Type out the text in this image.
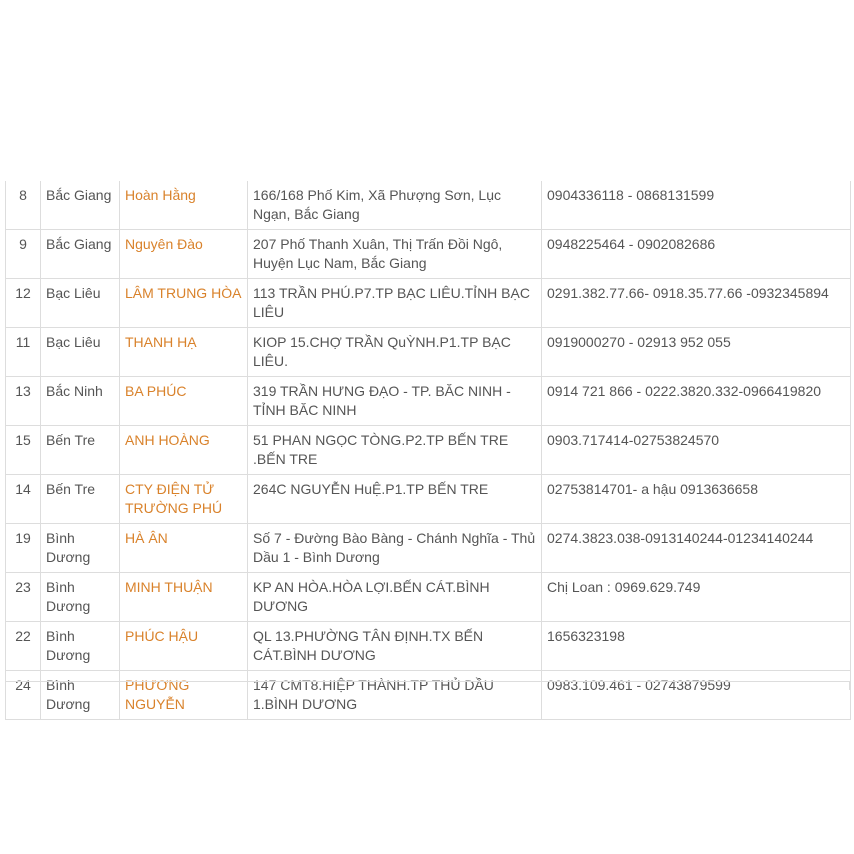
8	Bắc Giang	Hoàn Hằng	166/168 Phố Kim, Xã Phượng Sơn, Lục Ngạn, Bắc Giang	0904336118 - 0868131599
9	Bắc Giang	Nguyên Đào	207 Phố Thanh Xuân, Thị Trấn Đồi Ngô, Huyện Lục Nam, Bắc Giang	0948225464 - 0902082686
12	Bạc Liêu	LÂM TRUNG HÒA	113 TRẦN PHÚ.P7.TP BẠC LIÊU.TỈNH BẠC LIÊU	0291.382.77.66- 0918.35.77.66 -0932345894
11	Bạc Liêu	THANH HẠ	KIOP 15.CHỢ TRẦN QuỲNH.P1.TP BẠC LIÊU.	0919000270 - 02913 952 055
13	Bắc Ninh	BA PHÚC	319 TRẦN HƯNG ĐẠO - TP. BĂC NINH -TỈNH BĂC NINH	0914 721 866 - 0222.3820.332-0966419820
15	Bến Tre	ANH HOÀNG	51 PHAN NGỌC TÒNG.P2.TP BẾN TRE .BẾN TRE	0903.717414-02753824570
14	Bến Tre	CTY ĐIỆN TỬ TRƯỜNG PHÚ	264C NGUYỄN HuỆ.P1.TP BẾN TRE	02753814701- a hậu 0913636658
19	Bình Dương	HÀ ÂN	Số 7 - Đường Bào Bàng - Chánh Nghĩa - Thủ Dầu 1 - Bình Dương	0274.3823.038-0913140244-01234140244
23	Bình Dương	MINH THUẬN	KP AN HÒA.HÒA LỢI.BẾN CÁT.BÌNH DƯƠNG	Chị Loan : 0969.629.749
22	Bình Dương	PHÚC HẬU	QL 13.PHƯỜNG TÂN ĐỊNH.TX BẾN CÁT.BÌNH DƯƠNG	1656323198
24	Bình Dương	PHƯƠNG NGUYỄN	147 CMT8.HIỆP THÀNH.TP THỦ DẦU 1.BÌNH DƯƠNG	0983.109.461 - 02743879599
